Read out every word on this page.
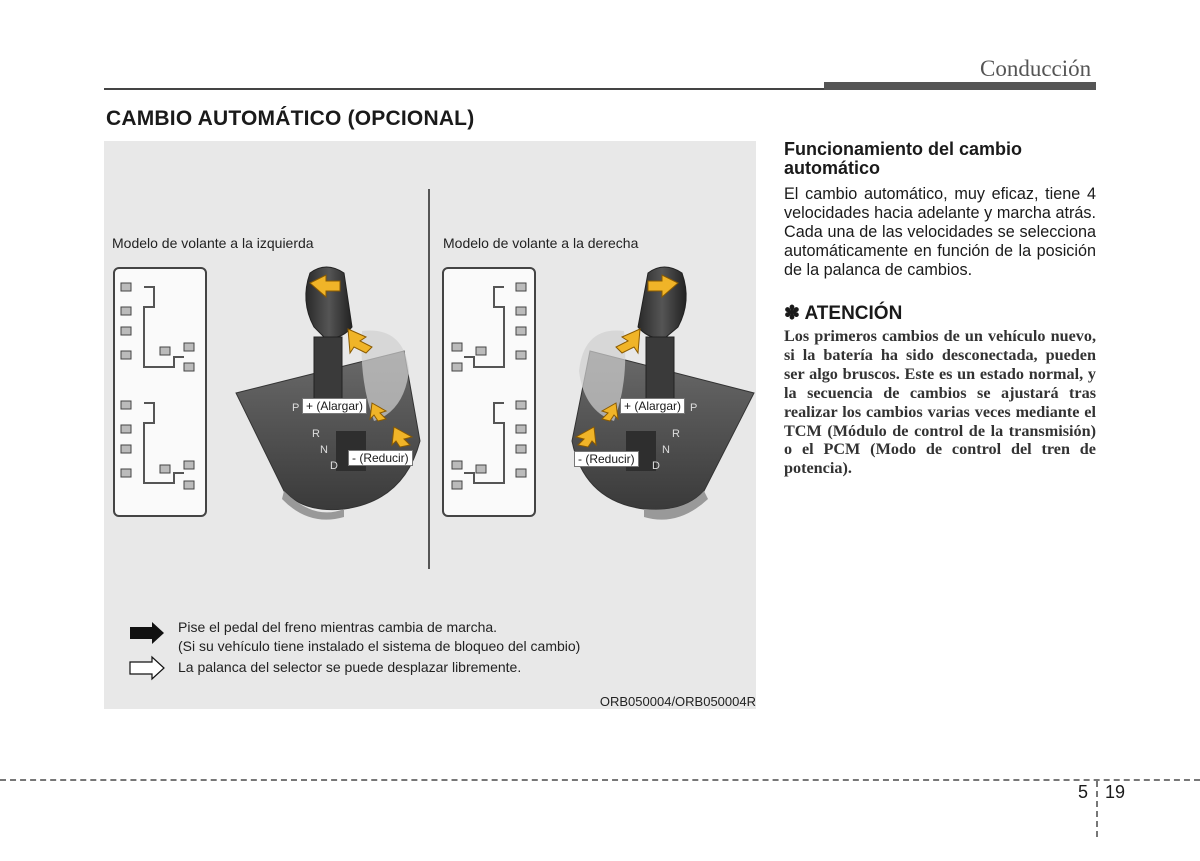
Conducción
CAMBIO AUTOMÁTICO (OPCIONAL)
Modelo de volante a la izquierda	Modelo de volante a la derecha
P
R
N
D
P
R
N
D
+ (Alargar)
- (Reducir)
+ (Alargar)
- (Reducir)
Pise el pedal del freno mientras cambia de marcha.
(Si su vehículo tiene instalado el sistema de bloqueo del cambio)
La palanca del selector se puede desplazar libremente.
ORB050004/ORB050004R
Funcionamiento del cambio automático
El cambio automático, muy eficaz, tiene 4 velocidades hacia adelante y marcha atrás. Cada una de las velocidades se selecciona automáticamente en función de la posición de la palanca de cambios.
✽ ATENCIÓN
Los primeros cambios de un vehículo nuevo, si la batería ha sido desconectada, pueden ser algo bruscos. Este es un estado normal, y la secuencia de cambios se ajustará tras realizar los cambios varias veces mediante el TCM (Módulo de control de la transmisión) o el PCM (Modo de control del tren de potencia).
5 19
